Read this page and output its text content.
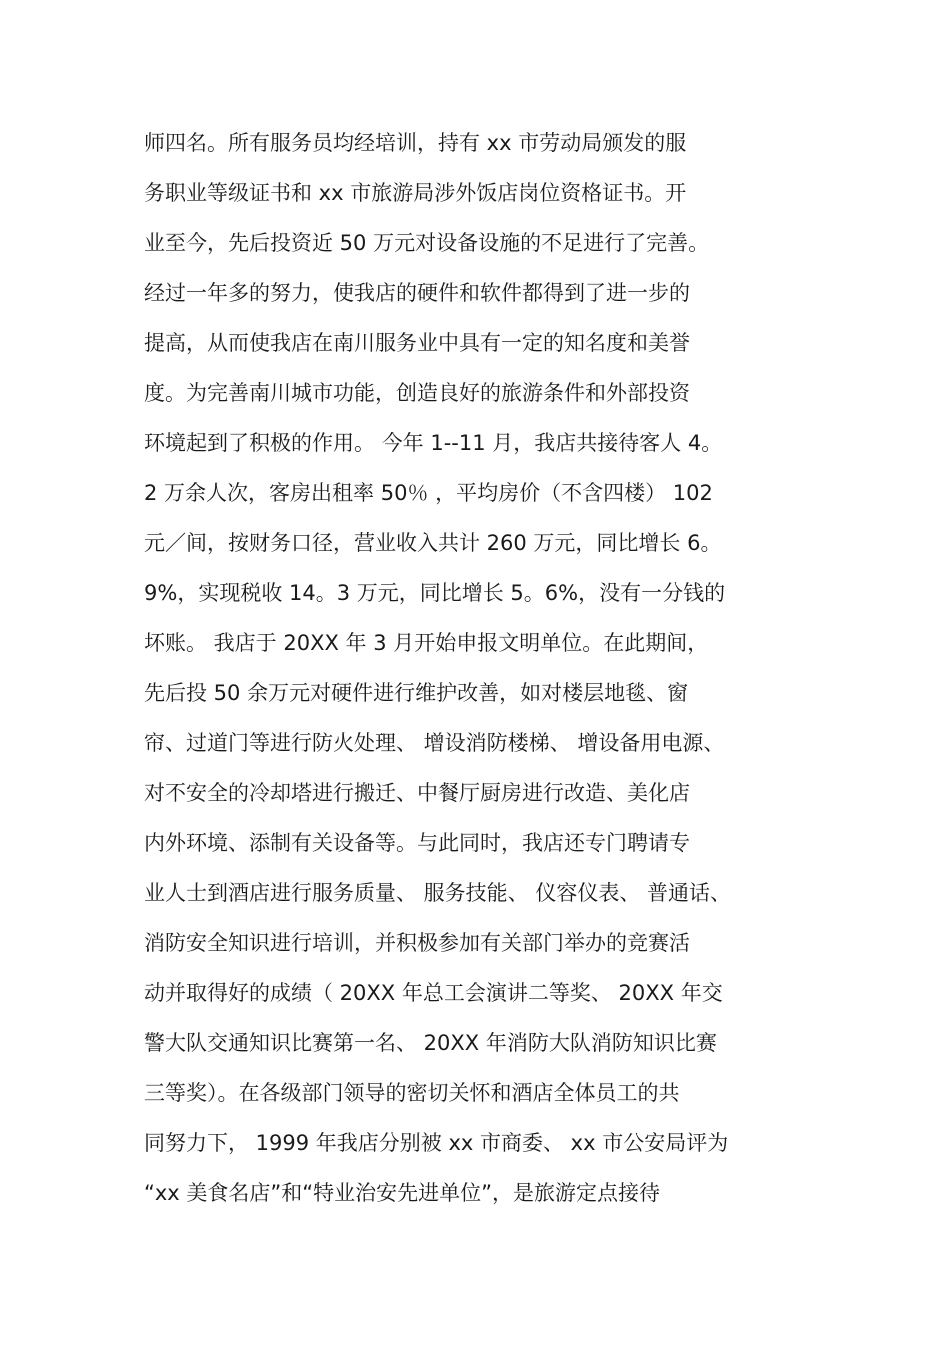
师四名。所有服务员均经培训，持有 xx 市劳动局颁发的服
务职业等级证书和 xx 市旅游局涉外饭店岗位资格证书。开
业至今，先后投资近 50 万元对设备设施的不足进行了完善。
经过一年多的努力，使我店的硬件和软件都得到了进一步的
提高，从而使我店在南川服务业中具有一定的知名度和美誉
度。为完善南川城市功能，创造良好的旅游条件和外部投资
环境起到了积极的作用。 今年 1--11 月，我店共接待客人 4。
2 万余人次，客房出租率 50％ ，平均房价（不含四楼） 102
元／间，按财务口径，营业收入共计 260 万元，同比增长 6。
9%，实现税收 14。3 万元，同比增长 5。6%，没有一分钱的
坏账。 我店于 20XX 年 3 月开始申报文明单位。在此期间，
先后投 50 余万元对硬件进行维护改善，如对楼层地毯、窗
帘、过道门等进行防火处理、 增设消防楼梯、 增设备用电源、
对不安全的冷却塔进行搬迁、中餐厅厨房进行改造、美化店
内外环境、添制有关设备等。与此同时，我店还专门聘请专
业人士到酒店进行服务质量、 服务技能、 仪容仪表、 普通话、
消防安全知识进行培训，并积极参加有关部门举办的竞赛活
动并取得好的成绩（ 20XX 年总工会演讲二等奖、 20XX 年交
警大队交通知识比赛第一名、 20XX 年消防大队消防知识比赛
三等奖）。在各级部门领导的密切关怀和酒店全体员工的共
同努力下， 1999 年我店分别被 xx 市商委、 xx 市公安局评为
“xx 美食名店”和“特业治安先进单位”，是旅游定点接待
